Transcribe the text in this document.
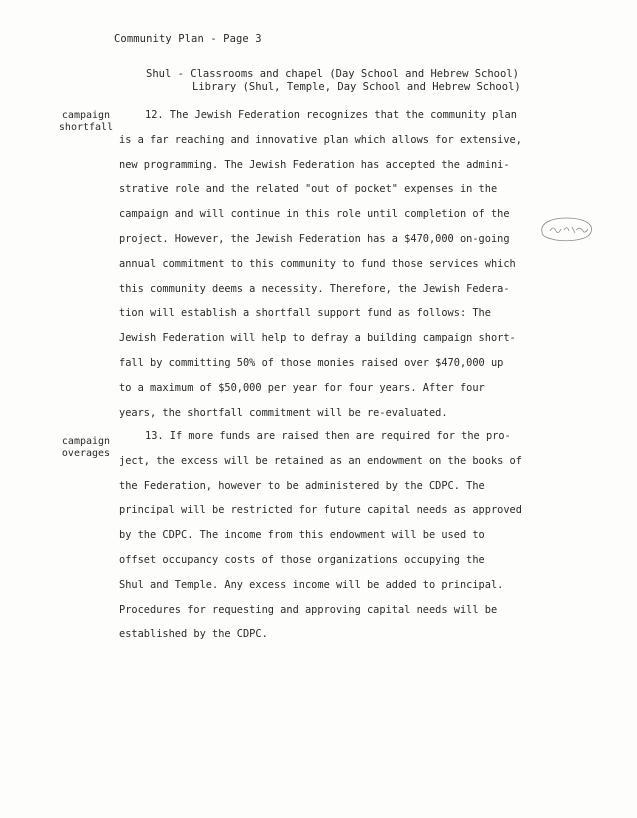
Community Plan - Page 3
Shul - Classrooms and chapel (Day School and Hebrew School)
Library (Shul, Temple, Day School and Hebrew School)
campaign
shortfall
campaign
overages
12. The Jewish Federation recognizes that the community plan
is a far reaching and innovative plan which allows for extensive,
new programming. The Jewish Federation has accepted the admini-
strative role and the related "out of pocket" expenses in the
campaign and will continue in this role until completion of the
project. However, the Jewish Federation has a $470,000 on-going
annual commitment to this community to fund those services which
this community deems a necessity. Therefore, the Jewish Federa-
tion will establish a shortfall support fund as follows: The
Jewish Federation will help to defray a building campaign short-
fall by committing 50% of those monies raised over $470,000 up
to a maximum of $50,000 per year for four years. After four
years, the shortfall commitment will be re-evaluated.
13. If more funds are raised then are required for the pro-
ject, the excess will be retained as an endowment on the books of
the Federation, however to be administered by the CDPC. The
principal will be restricted for future capital needs as approved
by the CDPC. The income from this endowment will be used to
offset occupancy costs of those organizations occupying the
Shul and Temple. Any excess income will be added to principal.
Procedures for requesting and approving capital needs will be
established by the CDPC.
